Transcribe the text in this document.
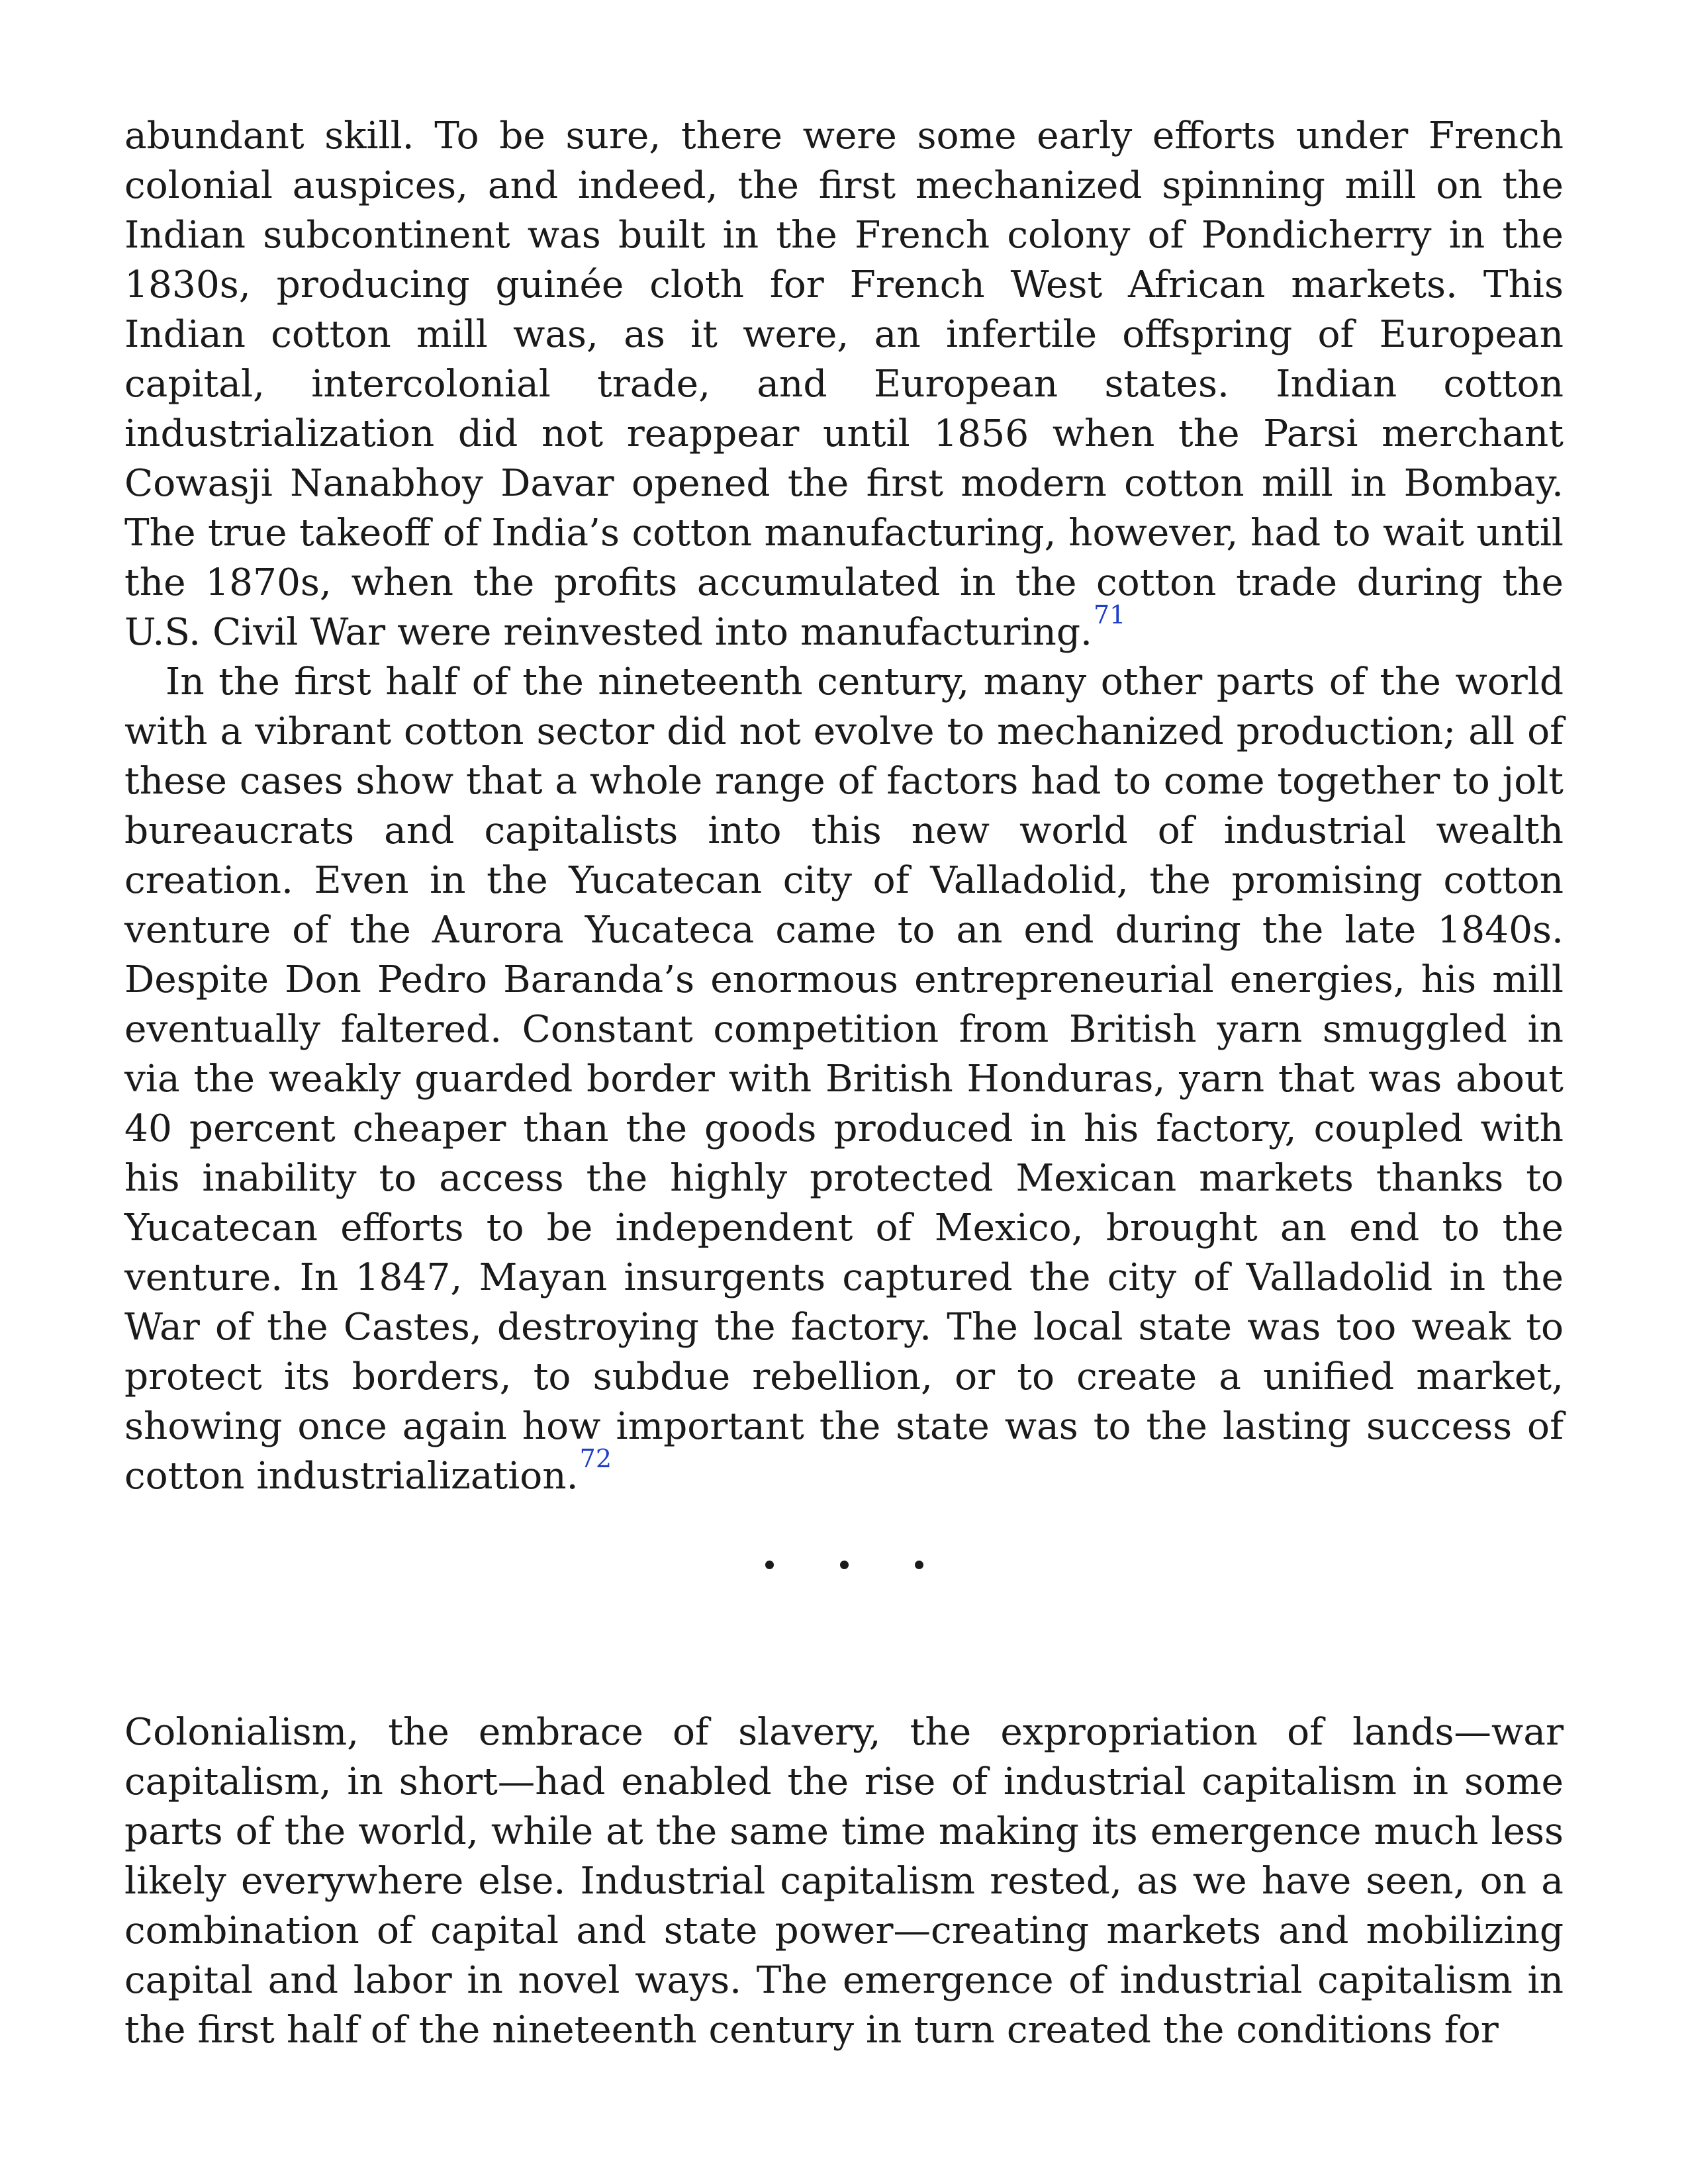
abundant skill. To be sure, there were some early efforts under French colonial auspices, and indeed, the first mechanized spinning mill on the Indian subcontinent was built in the French colony of Pondicherry in the 1830s, producing guinée cloth for French West African markets. This Indian cotton mill was, as it were, an infertile offspring of European capital, intercolonial trade, and European states. Indian cotton industrialization did not reappear until 1856 when the Parsi merchant Cowasji Nanabhoy Davar opened the first modern cotton mill in Bombay. The true takeoff of India’s cotton manufacturing, however, had to wait until the 1870s, when the profits accumulated in the cotton trade during the U.S. Civil War were reinvested into manufacturing.$^{71}$

In the first half of the nineteenth century, many other parts of the world with a vibrant cotton sector did not evolve to mechanized production; all of these cases show that a whole range of factors had to come together to jolt bureaucrats and capitalists into this new world of industrial wealth creation. Even in the Yucatecan city of Valladolid, the promising cotton venture of the Aurora Yucateca came to an end during the late 1840s. Despite Don Pedro Baranda’s enormous entrepreneurial energies, his mill eventually faltered. Constant competition from British yarn smuggled in via the weakly guarded border with British Honduras, yarn that was about 40 percent cheaper than the goods produced in his factory, coupled with his inability to access the highly protected Mexican markets thanks to Yucatecan efforts to be independent of Mexico, brought an end to the venture. In 1847, Mayan insurgents captured the city of Valladolid in the War of the Castes, destroying the factory. The local state was too weak to protect its borders, to subdue rebellion, or to create a unified market, showing once again how important the state was to the lasting success of cotton industrialization.$^{72}$

Colonialism, the embrace of slavery, the expropriation of lands—war capitalism, in short—had enabled the rise of industrial capitalism in some parts of the world, while at the same time making its emergence much less likely everywhere else. Industrial capitalism rested, as we have seen, on a combination of capital and state power—creating markets and mobilizing capital and labor in novel ways. The emergence of industrial capitalism in the first half of the nineteenth century in turn created the conditions for
